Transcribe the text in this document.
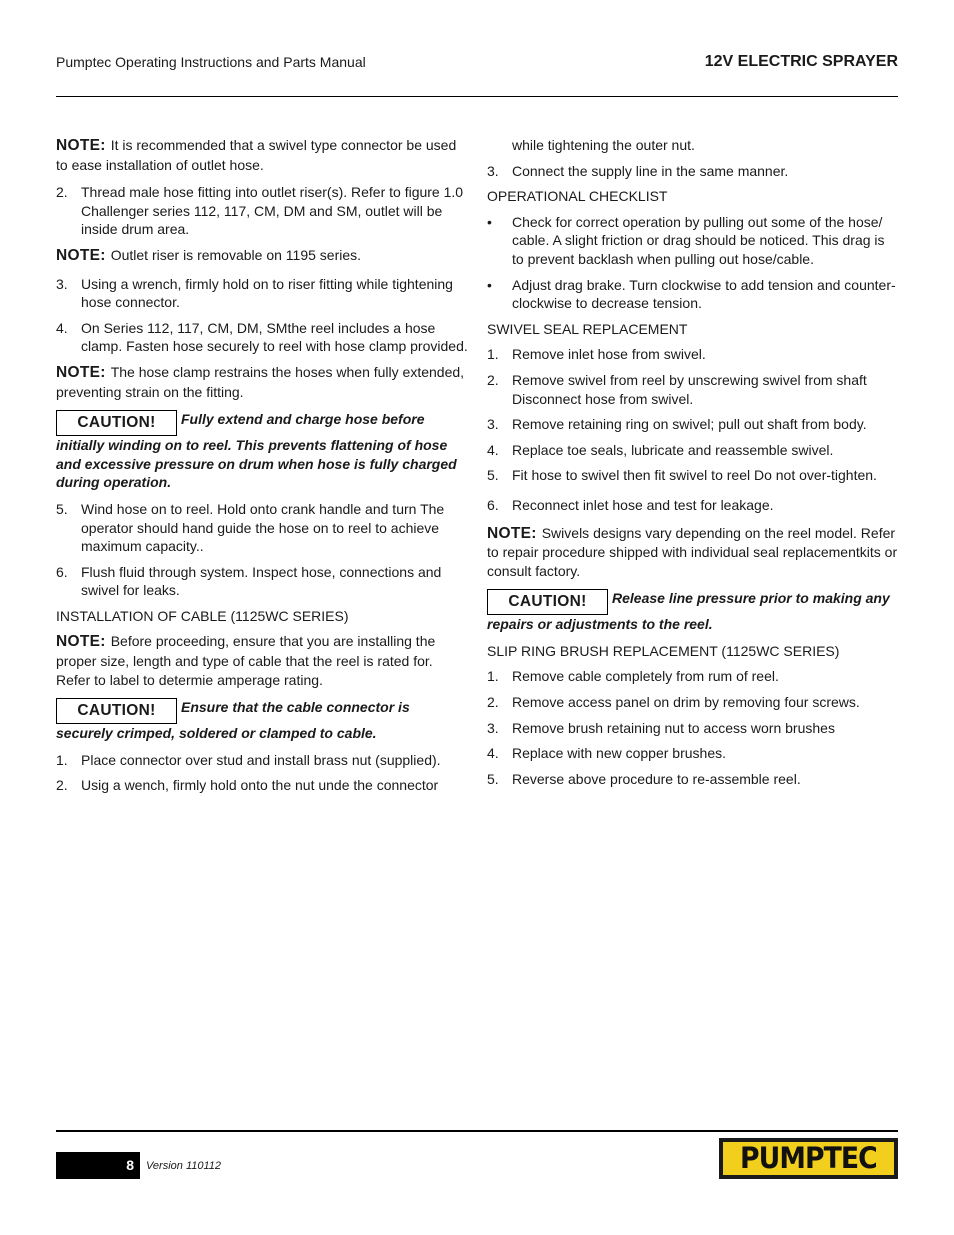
Pumptec Operating Instructions and Parts Manual	12V ELECTRIC SPRAYER

NOTE: It is recommended that a swivel type connector be used to ease installation of outlet hose.

2. Thread male hose fitting into outlet riser(s). Refer to figure 1.0 Challenger series 112, 117, CM, DM and SM, outlet will be inside drum area.

NOTE: Outlet riser is removable on 1195 series.

3. Using a wrench, firmly hold on to riser fitting while tightening hose connector.
4. On Series 112, 117, CM, DM, SMthe reel includes a hose clamp. Fasten hose securely to reel with hose clamp provided.

NOTE: The hose clamp restrains the hoses when fully extended, preventing strain on the fitting.

CAUTION! Fully extend and charge hose before initially winding on to reel. This prevents flattening of hose and excessive pressure on drum when hose is fully charged during operation.

5. Wind hose on to reel. Hold onto crank handle and turn The operator should hand guide the hose on to reel to achieve maximum capacity..
6. Flush fluid through system. Inspect hose, connections and swivel for leaks.

INSTALLATION OF CABLE (1125WC SERIES)

NOTE: Before proceeding, ensure that you are installing the proper size, length and type of cable that the reel is rated for. Refer to label to determie amperage rating.

CAUTION! Ensure that the cable connector is securely crimped, soldered or clamped to cable.

1. Place connector over stud and install brass nut (supplied).
2. Usig a wench, firmly hold onto the nut unde the connector
while tightening the outer nut.
3. Connect the supply line in the same manner.

OPERATIONAL CHECKLIST

• Check for correct operation by pulling out some of the hose/ cable. A slight friction or drag should be noticed. This drag is to prevent backlash when pulling out hose/cable.
• Adjust drag brake. Turn clockwise to add tension and counter-clockwise to decrease tension.

SWIVEL SEAL REPLACEMENT

1. Remove inlet hose from swivel.
2. Remove swivel from reel by unscrewing swivel from shaft Disconnect hose from swivel.
3. Remove retaining ring on swivel; pull out shaft from body.
4. Replace toe seals, lubricate and reassemble swivel.
5. Fit hose to swivel then fit swivel to reel Do not over-tighten.
6. Reconnect inlet hose and test for leakage.

NOTE: Swivels designs vary depending on the reel model. Refer to repair procedure shipped with individual seal replacementkits or consult factory.

CAUTION! Release line pressure prior to making any repairs or adjustments to the reel.

SLIP RING BRUSH REPLACEMENT (1125WC SERIES)

1. Remove cable completely from rum of reel.
2. Remove access panel on drim by removing four screws.
3. Remove brush retaining nut to access worn brushes
4. Replace with new copper brushes.
5. Reverse above procedure to re-assemble reel.
8	Version 110112	PUMPTEC
